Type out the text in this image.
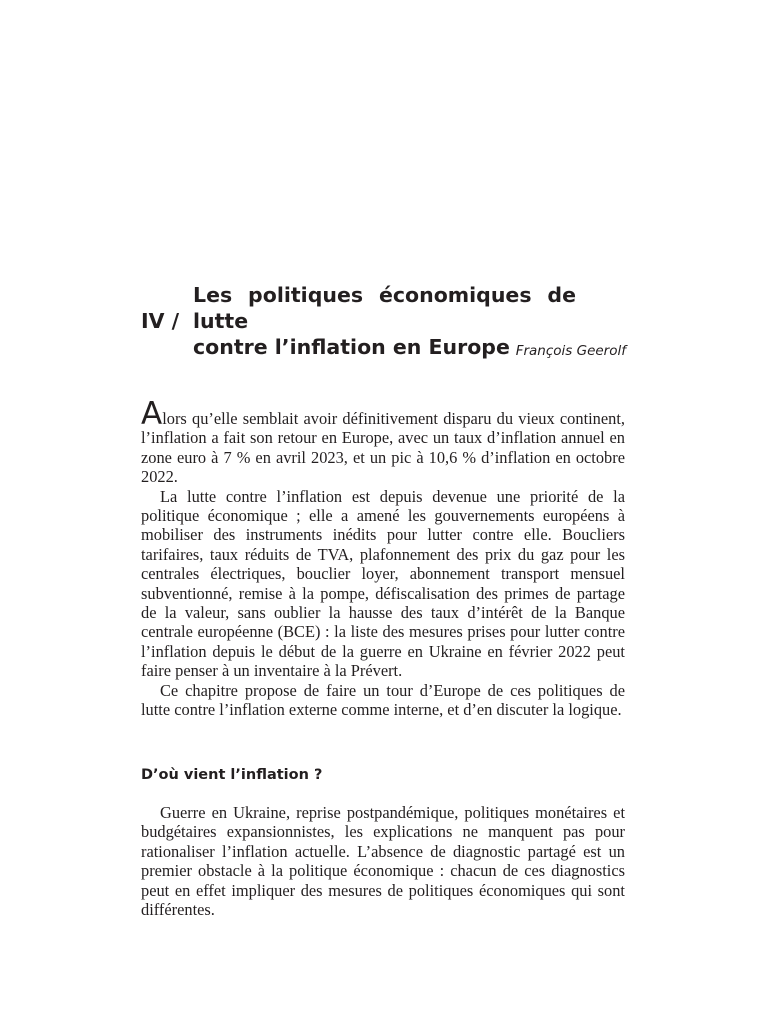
IV /Les politiques économiques de lutte
contre l’inflation en Europe François Geerolf

Alors qu’elle semblait avoir définitivement disparu du vieux continent, l’inflation a fait son retour en Europe, avec un taux d’inflation annuel en zone euro à 7 % en avril 2023, et un pic à 10,6 % d’inflation en octobre 2022.

La lutte contre l’inflation est depuis devenue une priorité de la politique économique ; elle a amené les gouvernements européens à mobiliser des instruments inédits pour lutter contre elle. Boucliers tarifaires, taux réduits de TVA, plafonnement des prix du gaz pour les centrales électriques, bouclier loyer, abonnement transport mensuel subventionné, remise à la pompe, défiscalisation des primes de partage de la valeur, sans oublier la hausse des taux d’intérêt de la Banque centrale européenne (BCE) : la liste des mesures prises pour lutter contre l’inflation depuis le début de la guerre en Ukraine en février 2022 peut faire penser à un inventaire à la Prévert.

Ce chapitre propose de faire un tour d’Europe de ces politiques de lutte contre l’inflation externe comme interne, et d’en discuter la logique.

D’où vient l’inflation ?

Guerre en Ukraine, reprise postpandémique, politiques monétaires et budgétaires expansionnistes, les explications ne manquent pas pour rationaliser l’inflation actuelle. L’absence de diagnostic partagé est un premier obstacle à la politique économique : chacun de ces diagnostics peut en effet impliquer des mesures de politiques économiques qui sont différentes.
